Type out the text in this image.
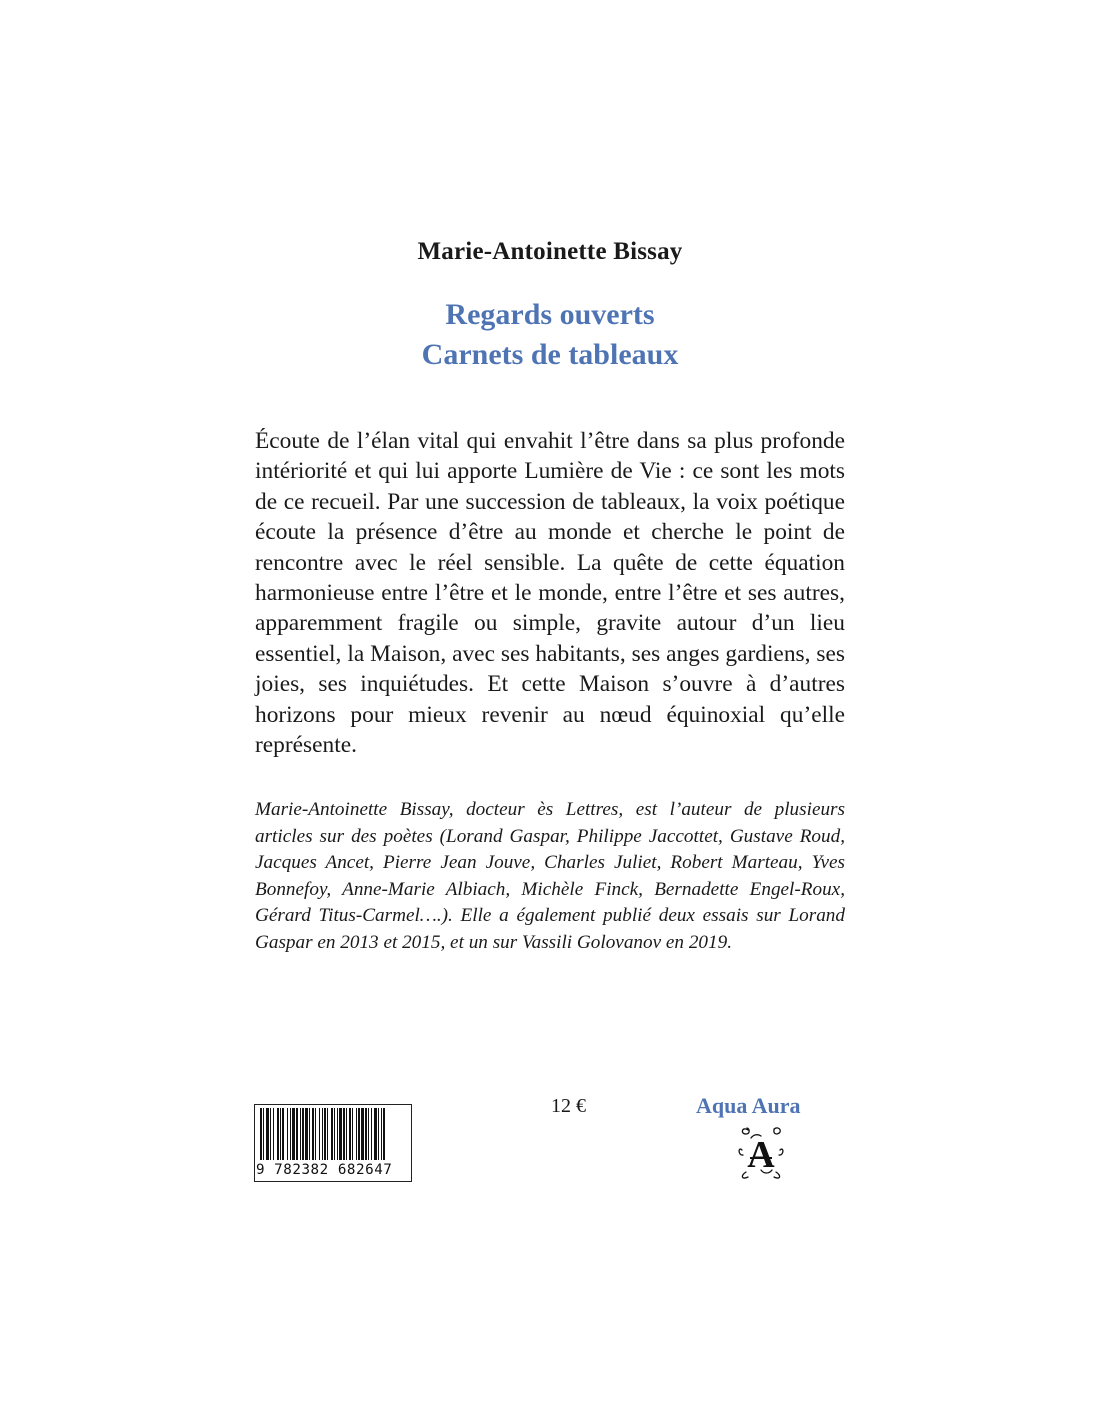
Marie-Antoinette Bissay
Regards ouverts
Carnets de tableaux

Écoute de l’élan vital qui envahit l’être dans sa plus profonde intériorité et qui lui apporte Lumière de Vie : ce sont les mots de ce recueil. Par une succession de tableaux, la voix poétique écoute la présence d’être au monde et cherche le point de rencontre avec le réel sensible. La quête de cette équation harmonieuse entre l’être et le monde, entre l’être et ses autres, apparemment fragile ou simple, gravite autour d’un lieu essentiel, la Maison, avec ses habitants, ses anges gardiens, ses joies, ses inquiétudes. Et cette Maison s’ouvre à d’autres horizons pour mieux revenir au nœud équinoxial qu’elle représente.

Marie-Antoinette Bissay, docteur ès Lettres, est l’auteur de plusieurs articles sur des poètes (Lorand Gaspar, Philippe Jaccottet, Gustave Roud, Jacques Ancet, Pierre Jean Jouve, Charles Juliet, Robert Marteau, Yves Bonnefoy, Anne-Marie Albiach, Michèle Finck, Bernadette Engel-Roux, Gérard Titus-Carmel….). Elle a également publié deux essais sur Lorand Gaspar en 2013 et 2015, et un sur Vassili Golovanov en 2019.

9 782382 682647
12 €	Aqua Aura
A
